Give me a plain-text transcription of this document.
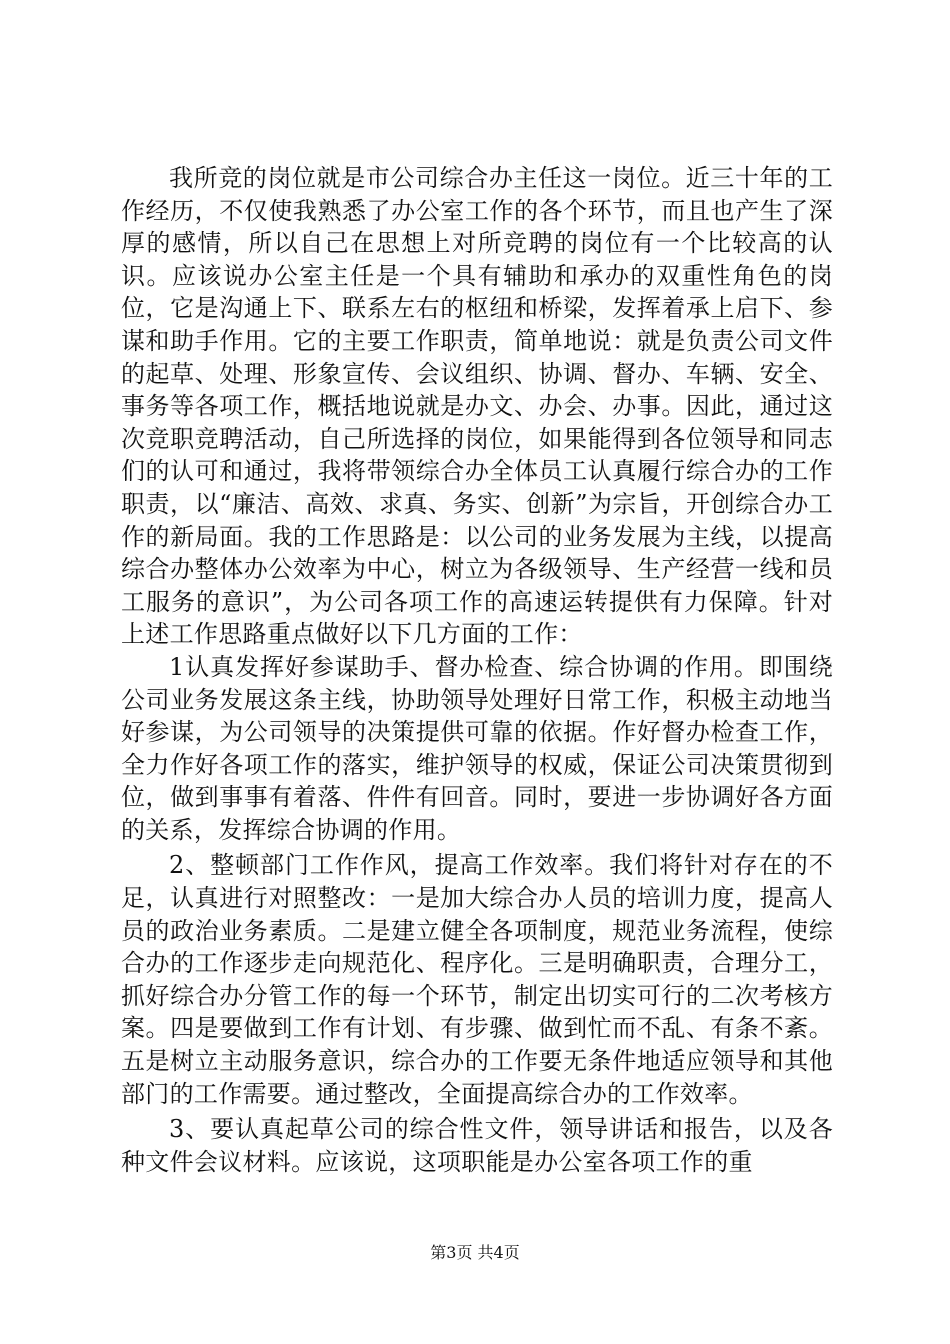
我所竞的岗位就是市公司综合办主任这一岗位。近三十年的工作经历，不仅使我熟悉了办公室工作的各个环节，而且也产生了深厚的感情，所以自己在思想上对所竞聘的岗位有一个比较高的认识。应该说办公室主任是一个具有辅助和承办的双重性角色的岗位，它是沟通上下、联系左右的枢纽和桥梁，发挥着承上启下、参谋和助手作用。它的主要工作职责，简单地说：就是负责公司文件的起草、处理、形象宣传、会议组织、协调、督办、车辆、安全、事务等各项工作，概括地说就是办文、办会、办事。因此，通过这次竞职竞聘活动，自己所选择的岗位，如果能得到各位领导和同志们的认可和通过，我将带领综合办全体员工认真履行综合办的工作职责，以“廉洁、高效、求真、务实、创新”为宗旨，开创综合办工作的新局面。我的工作思路是：以公司的业务发展为主线，以提高综合办整体办公效率为中心，树立为各级领导、生产经营一线和员工服务的意识”，为公司各项工作的高速运转提供有力保障。针对上述工作思路重点做好以下几方面的工作：

1认真发挥好参谋助手、督办检查、综合协调的作用。即围绕公司业务发展这条主线，协助领导处理好日常工作，积极主动地当好参谋，为公司领导的决策提供可靠的依据。作好督办检查工作，全力作好各项工作的落实，维护领导的权威，保证公司决策贯彻到位，做到事事有着落、件件有回音。同时，要进一步协调好各方面的关系，发挥综合协调的作用。

2、整顿部门工作作风，提高工作效率。我们将针对存在的不足，认真进行对照整改：一是加大综合办人员的培训力度，提高人员的政治业务素质。二是建立健全各项制度，规范业务流程，使综合办的工作逐步走向规范化、程序化。三是明确职责，合理分工，抓好综合办分管工作的每一个环节，制定出切实可行的二次考核方案。四是要做到工作有计划、有步骤、做到忙而不乱、有条不紊。五是树立主动服务意识，综合办的工作要无条件地适应领导和其他部门的工作需要。通过整改，全面提高综合办的工作效率。

3、要认真起草公司的综合性文件，领导讲话和报告，以及各种文件会议材料。应该说，这项职能是办公室各项工作的重

第3页 共4页
